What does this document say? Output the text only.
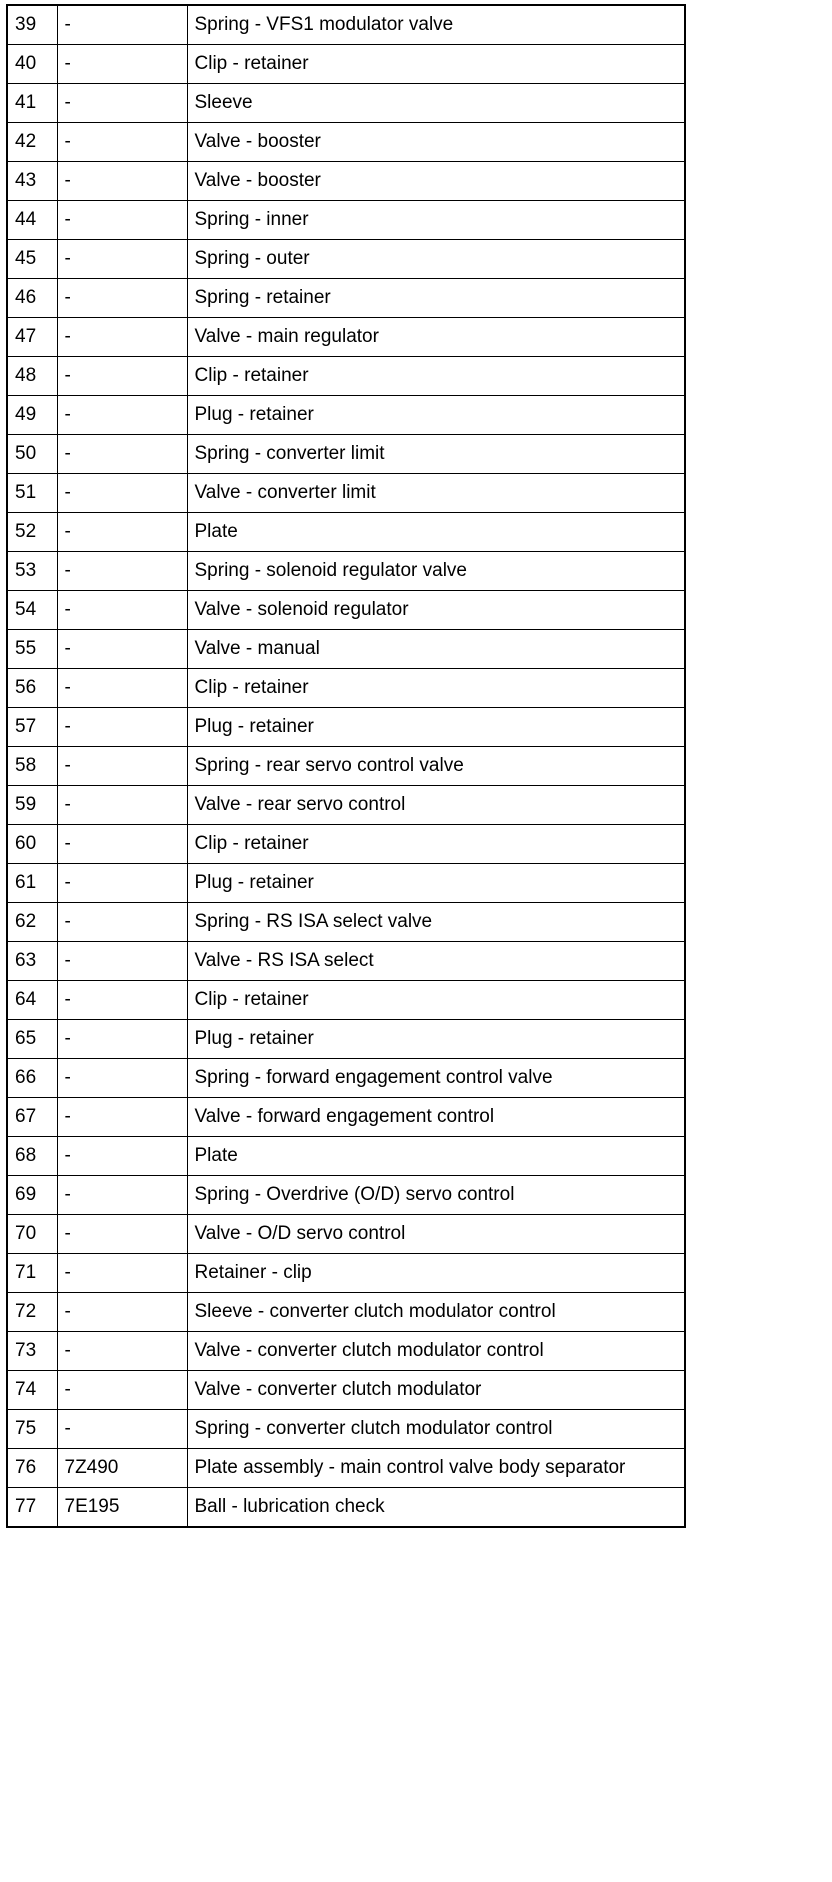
39	-	Spring - VFS1 modulator valve
40	-	Clip - retainer
41	-	Sleeve
42	-	Valve - booster
43	-	Valve - booster
44	-	Spring - inner
45	-	Spring - outer
46	-	Spring - retainer
47	-	Valve - main regulator
48	-	Clip - retainer
49	-	Plug - retainer
50	-	Spring - converter limit
51	-	Valve - converter limit
52	-	Plate
53	-	Spring - solenoid regulator valve
54	-	Valve - solenoid regulator
55	-	Valve - manual
56	-	Clip - retainer
57	-	Plug - retainer
58	-	Spring - rear servo control valve
59	-	Valve - rear servo control
60	-	Clip - retainer
61	-	Plug - retainer
62	-	Spring - RS ISA select valve
63	-	Valve - RS ISA select
64	-	Clip - retainer
65	-	Plug - retainer
66	-	Spring - forward engagement control valve
67	-	Valve - forward engagement control
68	-	Plate
69	-	Spring - Overdrive (O/D) servo control
70	-	Valve - O/D servo control
71	-	Retainer - clip
72	-	Sleeve - converter clutch modulator control
73	-	Valve - converter clutch modulator control
74	-	Valve - converter clutch modulator
75	-	Spring - converter clutch modulator control
76	7Z490	Plate assembly - main control valve body separator
77	7E195	Ball - lubrication check
